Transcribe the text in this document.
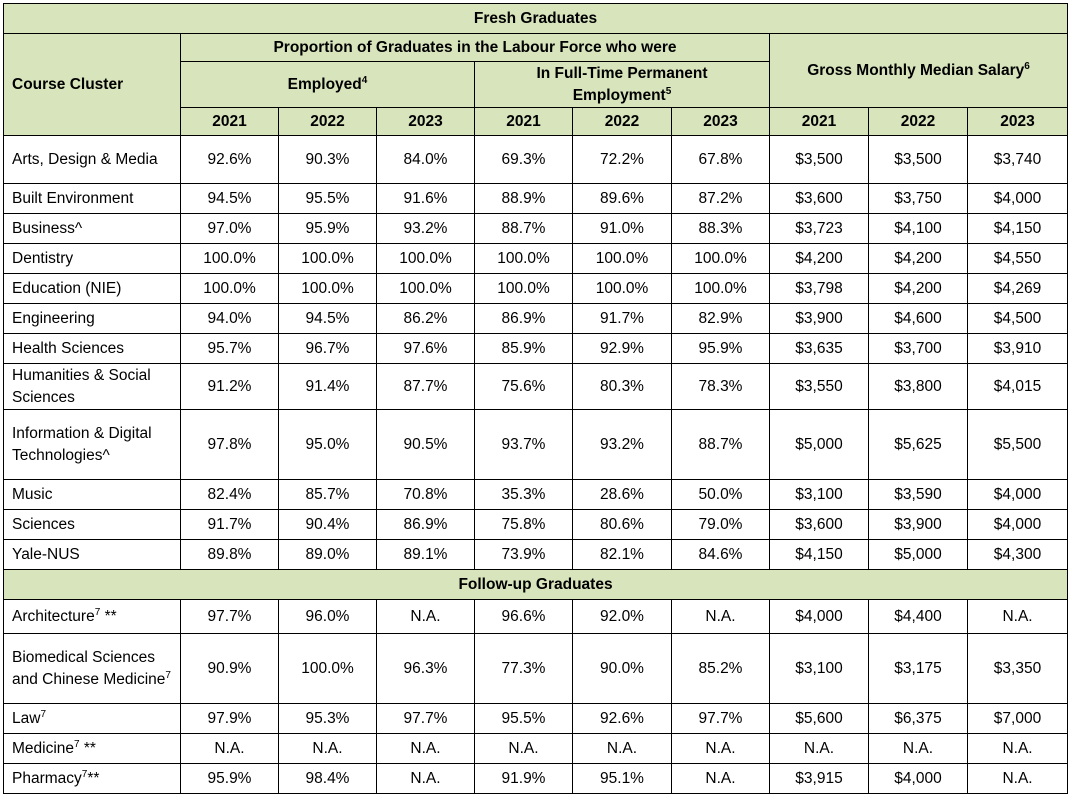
Fresh Graduates									
Course Cluster	Proportion of Graduates in the Labour Force who were						Gross Monthly Median Salary$^6$
	Employed$^4$			In Full-Time Permanent Employment$^5$
	2021	2022	2023	2021	2022	2023	2021	2022	2023
Arts, Design & Media	92.6%	90.3%	84.0%	69.3%	72.2%	67.8%	$3,500	$3,500	$3,740
Built Environment	94.5%	95.5%	91.6%	88.9%	89.6%	87.2%	$3,600	$3,750	$4,000
Business^	97.0%	95.9%	93.2%	88.7%	91.0%	88.3%	$3,723	$4,100	$4,150
Dentistry	100.0%	100.0%	100.0%	100.0%	100.0%	100.0%	$4,200	$4,200	$4,550
Education (NIE)	100.0%	100.0%	100.0%	100.0%	100.0%	100.0%	$3,798	$4,200	$4,269
Engineering	94.0%	94.5%	86.2%	86.9%	91.7%	82.9%	$3,900	$4,600	$4,500
Health Sciences	95.7%	96.7%	97.6%	85.9%	92.9%	95.9%	$3,635	$3,700	$3,910
Humanities & Social Sciences	91.2%	91.4%	87.7%	75.6%	80.3%	78.3%	$3,550	$3,800	$4,015
Information & Digital Technologies^	97.8%	95.0%	90.5%	93.7%	93.2%	88.7%	$5,000	$5,625	$5,500
Music	82.4%	85.7%	70.8%	35.3%	28.6%	50.0%	$3,100	$3,590	$4,000
Sciences	91.7%	90.4%	86.9%	75.8%	80.6%	79.0%	$3,600	$3,900	$4,000
Yale-NUS	89.8%	89.0%	89.1%	73.9%	82.1%	84.6%	$4,150	$5,000	$4,300
Follow-up Graduates									
Architecture$^7$ **	97.7%	96.0%	N.A.	96.6%	92.0%	N.A.	$4,000	$4,400	N.A.
Biomedical Sciences and Chinese Medicine$^7$	90.9%	100.0%	96.3%	77.3%	90.0%	85.2%	$3,100	$3,175	$3,350
Law$^7$	97.9%	95.3%	97.7%	95.5%	92.6%	97.7%	$5,600	$6,375	$7,000
Medicine$^7$ **	N.A.	N.A.	N.A.	N.A.	N.A.	N.A.	N.A.	N.A.	N.A.
Pharmacy$^7$**	95.9%	98.4%	N.A.	91.9%	95.1%	N.A.	$3,915	$4,000	N.A.
